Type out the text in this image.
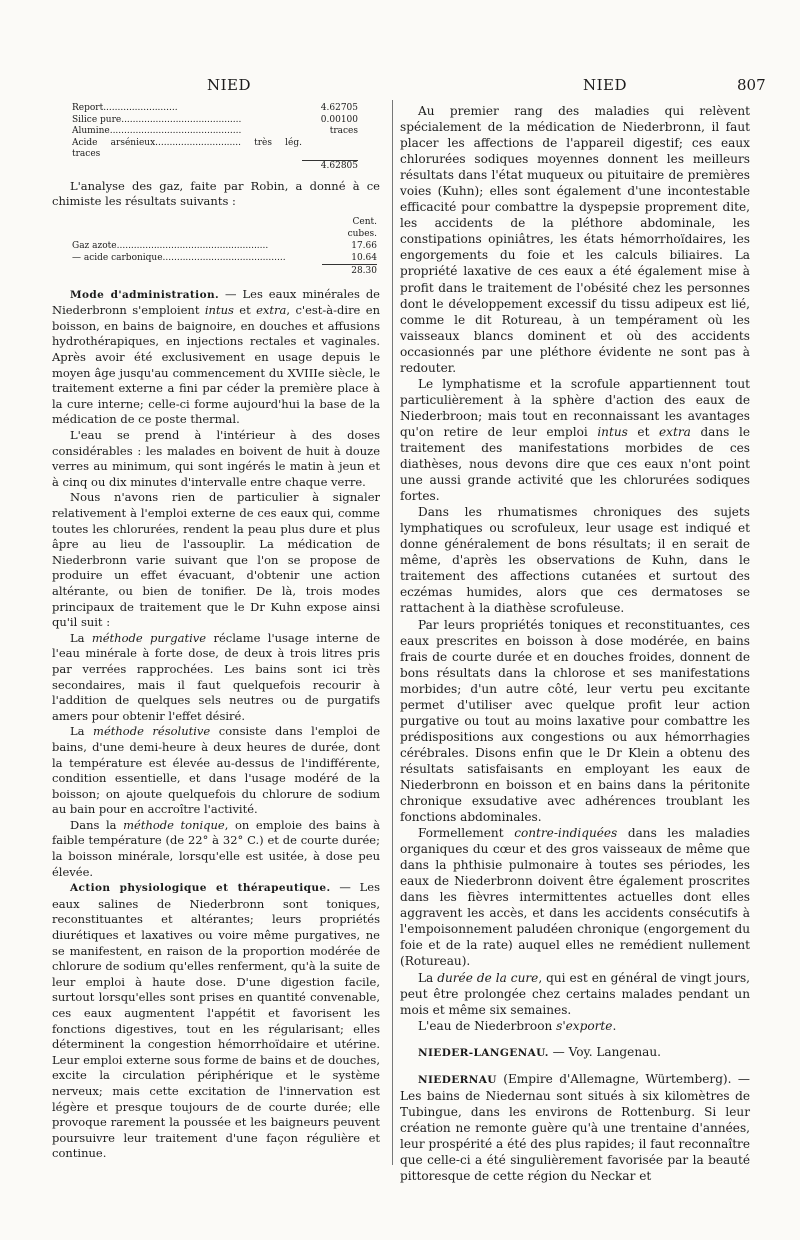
NIED	NIED	807
Report..........................	4.62705
Silice pure..........................................	0.00100
Alumine..............................................	traces
Acide arsénieux.............................. très lég. traces	
	4.62805

L'analyse des gaz, faite par Robin, a donné à ce chimiste les résultats suivants :

	Cent. cubes.
Gaz azote.....................................................	17.66
— acide carbonique...........................................	10.64
	28.30

Mode d'administration. — Les eaux minérales de Niederbronn s'emploient intus et extra, c'est-à-dire en boisson, en bains de baignoire, en douches et affusions hydrothérapiques, en injections rectales et vaginales. Après avoir été exclusivement en usage depuis le moyen âge jusqu'au commencement du XVIIIe siècle, le traitement externe a fini par céder la première place à la cure interne; celle-ci forme aujourd'hui la base de la médication de ce poste thermal.

L'eau se prend à l'intérieur à des doses considérables : les malades en boivent de huit à douze verres au minimum, qui sont ingérés le matin à jeun et à cinq ou dix minutes d'intervalle entre chaque verre.

Nous n'avons rien de particulier à signaler relativement à l'emploi externe de ces eaux qui, comme toutes les chlorurées, rendent la peau plus dure et plus âpre au lieu de l'assouplir. La médication de Niederbronn varie suivant que l'on se propose de produire un effet évacuant, d'obtenir une action altérante, ou bien de tonifier. De là, trois modes principaux de traitement que le Dr Kuhn expose ainsi qu'il suit :

La méthode purgative réclame l'usage interne de l'eau minérale à forte dose, de deux à trois litres pris par verrées rapprochées. Les bains sont ici très secondaires, mais il faut quelquefois recourir à l'addition de quelques sels neutres ou de purgatifs amers pour obtenir l'effet désiré.

La méthode résolutive consiste dans l'emploi de bains, d'une demi-heure à deux heures de durée, dont la température est élevée au-dessus de l'indifférente, condition essentielle, et dans l'usage modéré de la boisson; on ajoute quelquefois du chlorure de sodium au bain pour en accroître l'activité.

Dans la méthode tonique, on emploie des bains à faible température (de 22° à 32° C.) et de courte durée; la boisson minérale, lorsqu'elle est usitée, à dose peu élevée.

Action physiologique et thérapeutique. — Les eaux salines de Niederbronn sont toniques, reconstituantes et altérantes; leurs propriétés diurétiques et laxatives ou voire même purgatives, ne se manifestent, en raison de la proportion modérée de chlorure de sodium qu'elles renferment, qu'à la suite de leur emploi à haute dose. D'une digestion facile, surtout lorsqu'elles sont prises en quantité convenable, ces eaux augmentent l'appétit et favorisent les fonctions digestives, tout en les régularisant; elles déterminent la congestion hémorrhoïdaire et utérine. Leur emploi externe sous forme de bains et de douches, excite la circulation périphérique et le système nerveux; mais cette excitation de l'innervation est légère et presque toujours de de courte durée; elle provoque rarement la poussée et les baigneurs peuvent poursuivre leur traitement d'une façon régulière et continue.

Au premier rang des maladies qui relèvent spécialement de la médication de Niederbronn, il faut placer les affections de l'appareil digestif; ces eaux chlorurées sodiques moyennes donnent les meilleurs résultats dans l'état muqueux ou pituitaire de premières voies (Kuhn); elles sont également d'une incontestable efficacité pour combattre la dyspepsie proprement dite, les accidents de la pléthore abdominale, les constipations opiniâtres, les états hémorrhoïdaires, les engorgements du foie et les calculs biliaires. La propriété laxative de ces eaux a été également mise à profit dans le traitement de l'obésité chez les personnes dont le développement excessif du tissu adipeux est lié, comme le dit Rotureau, à un tempérament où les vaisseaux blancs dominent et où des accidents occasionnés par une pléthore évidente ne sont pas à redouter.

Le lymphatisme et la scrofule appartiennent tout particulièrement à la sphère d'action des eaux de Niederbroon; mais tout en reconnaissant les avantages qu'on retire de leur emploi intus et extra dans le traitement des manifestations morbides de ces diathèses, nous devons dire que ces eaux n'ont point une aussi grande activité que les chlorurées sodiques fortes.

Dans les rhumatismes chroniques des sujets lymphatiques ou scrofuleux, leur usage est indiqué et donne généralement de bons résultats; il en serait de même, d'après les observations de Kuhn, dans le traitement des affections cutanées et surtout des eczémas humides, alors que ces dermatoses se rattachent à la diathèse scrofuleuse.

Par leurs propriétés toniques et reconstituantes, ces eaux prescrites en boisson à dose modérée, en bains frais de courte durée et en douches froides, donnent de bons résultats dans la chlorose et ses manifestations morbides; d'un autre côté, leur vertu peu excitante permet d'utiliser avec quelque profit leur action purgative ou tout au moins laxative pour combattre les prédispositions aux congestions ou aux hémorrhagies cérébrales. Disons enfin que le Dr Klein a obtenu des résultats satisfaisants en employant les eaux de Niederbronn en boisson et en bains dans la péritonite chronique exsudative avec adhérences troublant les fonctions abdominales.

Formellement contre-indiquées dans les maladies organiques du cœur et des gros vaisseaux de même que dans la phthisie pulmonaire à toutes ses périodes, les eaux de Niederbronn doivent être également proscrites dans les fièvres intermittentes actuelles dont elles aggravent les accès, et dans les accidents consécutifs à l'empoisonnement paludéen chronique (engorgement du foie et de la rate) auquel elles ne remédient nullement (Rotureau).

La durée de la cure, qui est en général de vingt jours, peut être prolongée chez certains malades pendant un mois et même six semaines.

L'eau de Niederbroon s'exporte.

NIEDER-LANGENAU. — Voy. Langenau.

NIEDERNAU (Empire d'Allemagne, Würtemberg). — Les bains de Niedernau sont situés à six kilomètres de Tubingue, dans les environs de Rottenburg. Si leur création ne remonte guère qu'à une trentaine d'années, leur prospérité a été des plus rapides; il faut reconnaître que celle-ci a été singulièrement favorisée par la beauté pittoresque de cette région du Neckar et
